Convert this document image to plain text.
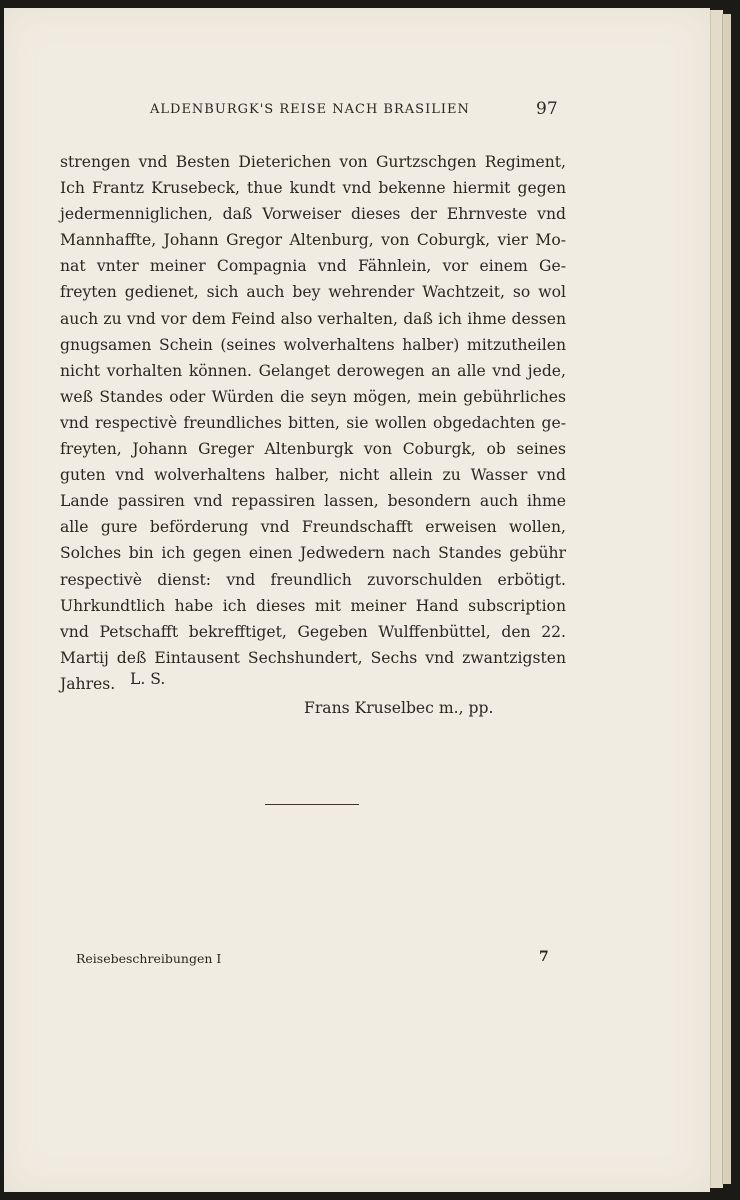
ALDENBURGK'S REISE NACH BRASILIEN	97

strengen vnd Besten Dieterichen von Gurtzschgen Regiment, Ich Frantz Krusebeck, thue kundt vnd bekenne hiermit gegen jedermenniglichen, daß Vorweiser dieses der Ehrnveste vnd Mannhaffte, Johann Gregor Altenburg, von Coburgk, vier Monat vnter meiner Compagnia vnd Fähnlein, vor einem Gefreyten gedienet, sich auch bey wehrender Wachtzeit, so wol auch zu vnd vor dem Feind also verhalten, daß ich ihme dessen gnugsamen Schein (seines wolverhaltens halber) mitzutheilen nicht vorhalten können. Gelanget derowegen an alle vnd jede, weß Standes oder Würden die seyn mögen, mein gebührliches vnd respectivè freundliches bitten, sie wollen obgedachten gefreyten, Johann Greger Altenburgk von Coburgk, ob seines guten vnd wolverhaltens halber, nicht allein zu Wasser vnd Lande passiren vnd repassiren lassen, besondern auch ihme alle gure beförderung vnd Freundschafft erweisen wollen, Solches bin ich gegen einen Jedwedern nach Standes gebühr respectivè dienst: vnd freundlich zuvorschulden erbötigt. Uhrkundtlich habe ich dieses mit meiner Hand subscription vnd Petschafft bekrefftiget, Gegeben Wulffenbüttel, den 22. Martij deß Eintausent Sechshundert, Sechs vnd zwantzigsten Jahres. L. S.
Frans Kruselbec m., pp.
Reisebeschreibungen I	7
